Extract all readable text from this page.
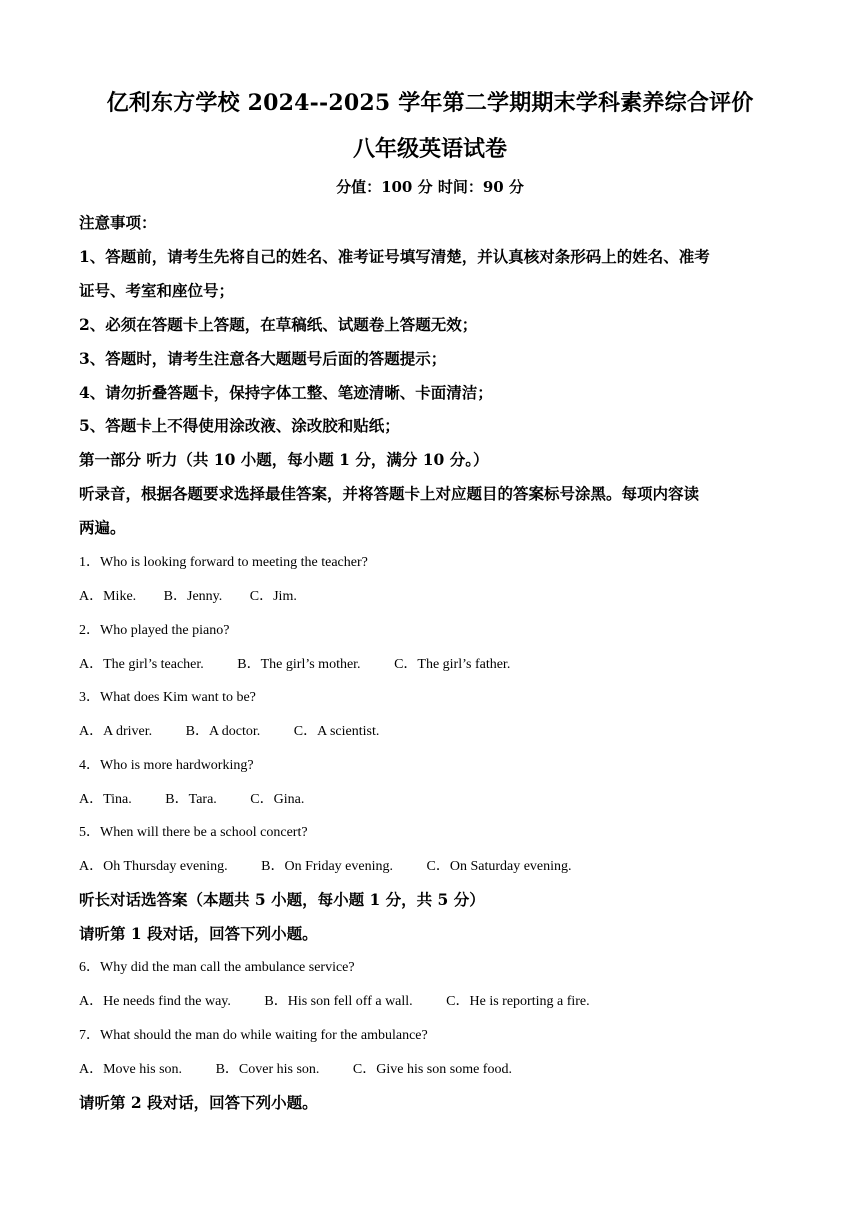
亿利东方学校 2024--2025 学年第二学期期末学科素养综合评价
八年级英语试卷
分值：100 分 时间：90 分
注意事项：
1、答题前，请考生先将自己的姓名、准考证号填写清楚，并认真核对条形码上的姓名、准考
证号、考室和座位号；
2、必须在答题卡上答题，在草稿纸、试题卷上答题无效；
3、答题时，请考生注意各大题题号后面的答题提示；
4、请勿折叠答题卡，保持字体工整、笔迹清晰、卡面清洁；
5、答题卡上不得使用涂改液、涂改胶和贴纸；
第一部分 听力（共 10 小题，每小题 1 分，满分 10 分。）
听录音，根据各题要求选择最佳答案，并将答题卡上对应题目的答案标号涂黑。每项内容读
两遍。
1．Who is looking forward to meeting the teacher?
A．Mike. B．Jenny. C．Jim.
2．Who played the piano?
A．The girl’s teacher. B．The girl’s mother. C．The girl’s father.
3．What does Kim want to be?
A．A driver. B．A doctor. C．A scientist.
4．Who is more hardworking?
A．Tina. B．Tara. C．Gina.
5．When will there be a school concert?
A．Oh Thursday evening. B．On Friday evening. C．On Saturday evening.
听长对话选答案（本题共 5 小题，每小题 1 分，共 5 分）
请听第 1 段对话，回答下列小题。
6．Why did the man call the ambulance service?
A．He needs find the way. B．His son fell off a wall. C．He is reporting a fire.
7．What should the man do while waiting for the ambulance?
A．Move his son. B．Cover his son. C．Give his son some food.
请听第 2 段对话，回答下列小题。
